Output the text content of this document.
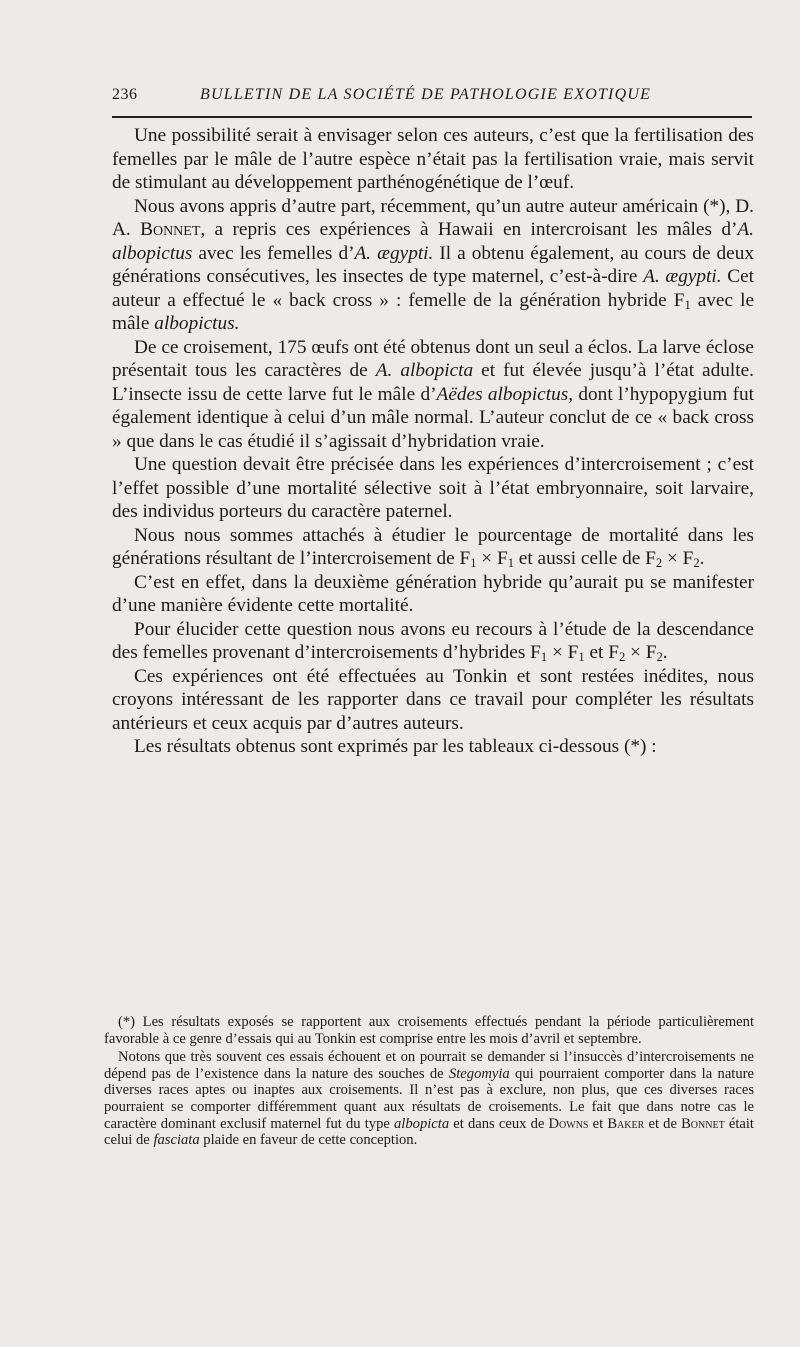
236	BULLETIN DE LA SOCIÉTÉ DE PATHOLOGIE EXOTIQUE

Une possibilité serait à envisager selon ces auteurs, c’est que la fertilisation des femelles par le mâle de l’autre espèce n’était pas la fertilisation vraie, mais servit de stimulant au développement parthénogénétique de l’œuf.

Nous avons appris d’autre part, récemment, qu’un autre auteur américain (*), D. A. Bonnet, a repris ces expériences à Hawaii en intercroisant les mâles d’A. albopictus avec les femelles d’A. ægypti. Il a obtenu également, au cours de deux générations consécutives, les insectes de type maternel, c’est-à-dire A. ægypti. Cet auteur a effectué le « back cross » : femelle de la génération hybride $F_1$ avec le mâle albopictus.

De ce croisement, 175 œufs ont été obtenus dont un seul a éclos. La larve éclose présentait tous les caractères de A. albopicta et fut élevée jusqu’à l’état adulte. L’insecte issu de cette larve fut le mâle d’Aëdes albopictus, dont l’hypopygium fut également identique à celui d’un mâle normal. L’auteur conclut de ce « back cross » que dans le cas étudié il s’agissait d’hybridation vraie.

Une question devait être précisée dans les expériences d’intercroisement ; c’est l’effet possible d’une mortalité sélective soit à l’état embryonnaire, soit larvaire, des individus porteurs du caractère paternel.

Nous nous sommes attachés à étudier le pourcentage de mortalité dans les générations résultant de l’intercroisement de $F_1 \times F_1$ et aussi celle de $F_2 \times F_2$.

C’est en effet, dans la deuxième génération hybride qu’aurait pu se manifester d’une manière évidente cette mortalité.

Pour élucider cette question nous avons eu recours à l’étude de la descendance des femelles provenant d’intercroisements d’hybrides $F_1 \times F_1$ et $F_2 \times F_2$.

Ces expériences ont été effectuées au Tonkin et sont restées inédites, nous croyons intéressant de les rapporter dans ce travail pour compléter les résultats antérieurs et ceux acquis par d’autres auteurs.

Les résultats obtenus sont exprimés par les tableaux ci-dessous (*) :

(*) Les résultats exposés se rapportent aux croisements effectués pendant la période particulièrement favorable à ce genre d’essais qui au Tonkin est comprise entre les mois d’avril et septembre.

Notons que très souvent ces essais échouent et on pourrait se demander si l’insuccès d’intercroisements ne dépend pas de l’existence dans la nature des souches de Stegomyia qui pourraient comporter dans la nature diverses races aptes ou inaptes aux croisements. Il n’est pas à exclure, non plus, que ces diverses races pourraient se comporter différemment quant aux résultats de croisements. Le fait que dans notre cas le caractère dominant exclusif maternel fut du type albopicta et dans ceux de Downs et Baker et de Bonnet était celui de fasciata plaide en faveur de cette conception.
